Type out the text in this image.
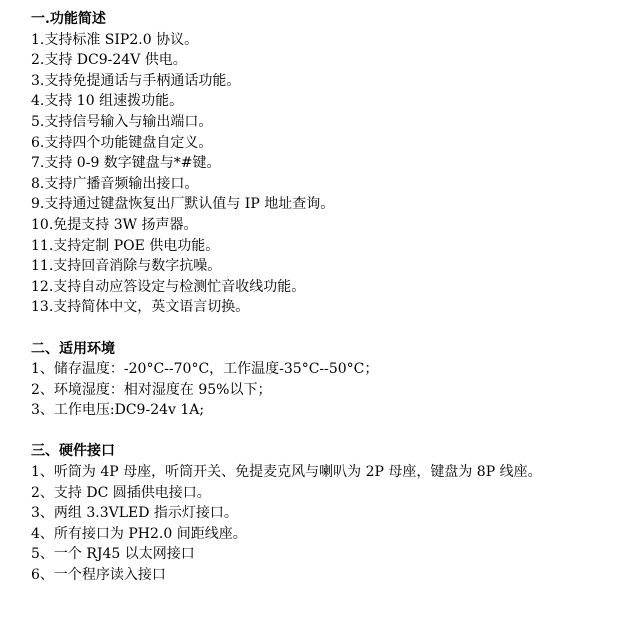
一.功能简述
1.支持标准 SIP2.0 协议。
2.支持 DC9-24V 供电。
3.支持免提通话与手柄通话功能。
4.支持 10 组速拨功能。
5.支持信号输入与输出端口。
6.支持四个功能键盘自定义。
7.支持 0-9 数字键盘与*#键。
8.支持广播音频输出接口。
9.支持通过键盘恢复出厂默认值与 IP 地址查询。
10.免提支持 3W 扬声器。
11.支持定制 POE 供电功能。
11.支持回音消除与数字抗噪。
12.支持自动应答设定与检测忙音收线功能。
13.支持简体中文，英文语言切换。
二、适用环境
1、储存温度：-20°C--70°C，工作温度-35°C--50°C；
2、环境湿度：相对湿度在 95%以下；
3、工作电压:DC9-24v 1A;
三、硬件接口
1、听筒为 4P 母座，听筒开关、免提麦克风与喇叭为 2P 母座，键盘为 8P 线座。
2、支持 DC 圆插供电接口。
3、两组 3.3VLED 指示灯接口。
4、所有接口为 PH2.0 间距线座。
5、一个 RJ45 以太网接口
6、一个程序读入接口
